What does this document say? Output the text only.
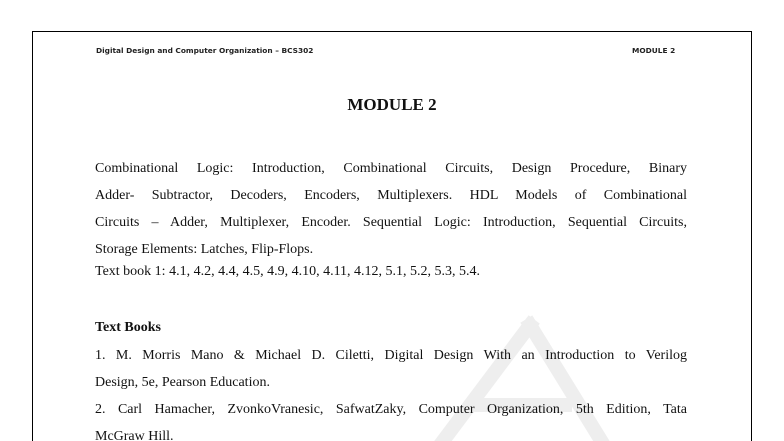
Digital Design and Computer Organization – BCS302	MODULE 2
MODULE 2
Combinational Logic: Introduction, Combinational Circuits, Design Procedure, Binary
Adder- Subtractor, Decoders, Encoders, Multiplexers. HDL Models of Combinational
Circuits – Adder, Multiplexer, Encoder. Sequential Logic: Introduction, Sequential Circuits,
Storage Elements: Latches, Flip-Flops.
Text book 1: 4.1, 4.2, 4.4, 4.5, 4.9, 4.10, 4.11, 4.12, 5.1, 5.2, 5.3, 5.4.
Text Books
1. M. Morris Mano & Michael D. Ciletti, Digital Design With an Introduction to Verilog
Design, 5e, Pearson Education.
2. Carl Hamacher, ZvonkoVranesic, SafwatZaky, Computer Organization, 5th Edition, Tata
McGraw Hill.
